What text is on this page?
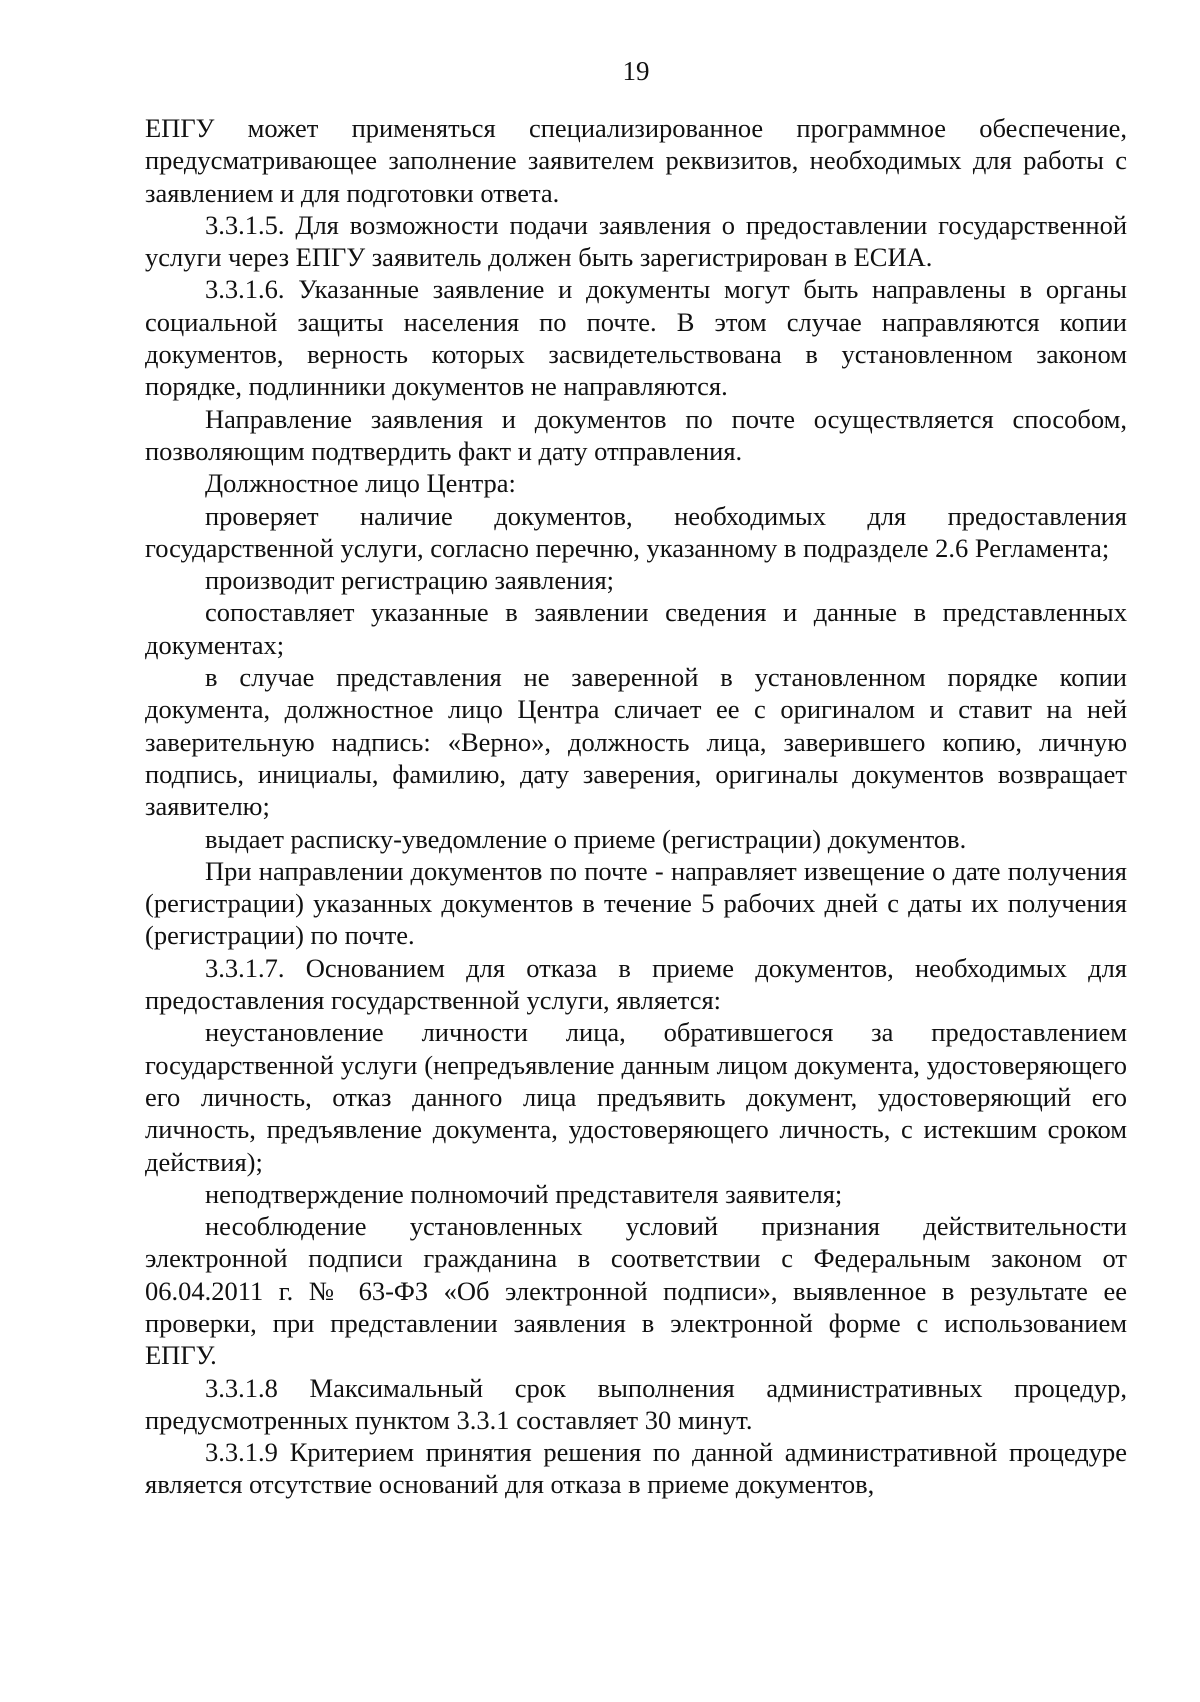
19

ЕПГУ может применяться специализированное программное обеспечение, предусматривающее заполнение заявителем реквизитов, необходимых для работы с заявлением и для подготовки ответа.

3.3.1.5. Для возможности подачи заявления о предоставлении государственной услуги через ЕПГУ заявитель должен быть зарегистрирован в ЕСИА.

3.3.1.6. Указанные заявление и документы могут быть направлены в органы социальной защиты населения по почте. В этом случае направляются копии документов, верность которых засвидетельствована в установленном законом порядке, подлинники документов не направляются.

Направление заявления и документов по почте осуществляется способом, позволяющим подтвердить факт и дату отправления.

Должностное лицо Центра:

проверяет наличие документов, необходимых для предоставления государственной услуги, согласно перечню, указанному в подразделе 2.6 Регламента;

производит регистрацию заявления;

сопоставляет указанные в заявлении сведения и данные в представленных документах;

в случае представления не заверенной в установленном порядке копии документа, должностное лицо Центра сличает ее с оригиналом и ставит на ней заверительную надпись: «Верно», должность лица, заверившего копию, личную подпись, инициалы, фамилию, дату заверения, оригиналы документов возвращает заявителю;

выдает расписку-уведомление о приеме (регистрации) документов.

При направлении документов по почте - направляет извещение о дате получения (регистрации) указанных документов в течение 5 рабочих дней с даты их получения (регистрации) по почте.

3.3.1.7. Основанием для отказа в приеме документов, необходимых для предоставления государственной услуги, является:

неустановление личности лица, обратившегося за предоставлением государственной услуги (непредъявление данным лицом документа, удостоверяющего его личность, отказ данного лица предъявить документ, удостоверяющий его личность, предъявление документа, удостоверяющего личность, с истекшим сроком действия);

неподтверждение полномочий представителя заявителя;

несоблюдение установленных условий признания действительности электронной подписи гражданина в соответствии с Федеральным законом от 06.04.2011 г. № 63-ФЗ «Об электронной подписи», выявленное в результате ее проверки, при представлении заявления в электронной форме с использованием ЕПГУ.

3.3.1.8 Максимальный срок выполнения административных процедур, предусмотренных пунктом 3.3.1 составляет 30 минут.

3.3.1.9 Критерием принятия решения по данной административной процедуре является отсутствие оснований для отказа в приеме документов,
